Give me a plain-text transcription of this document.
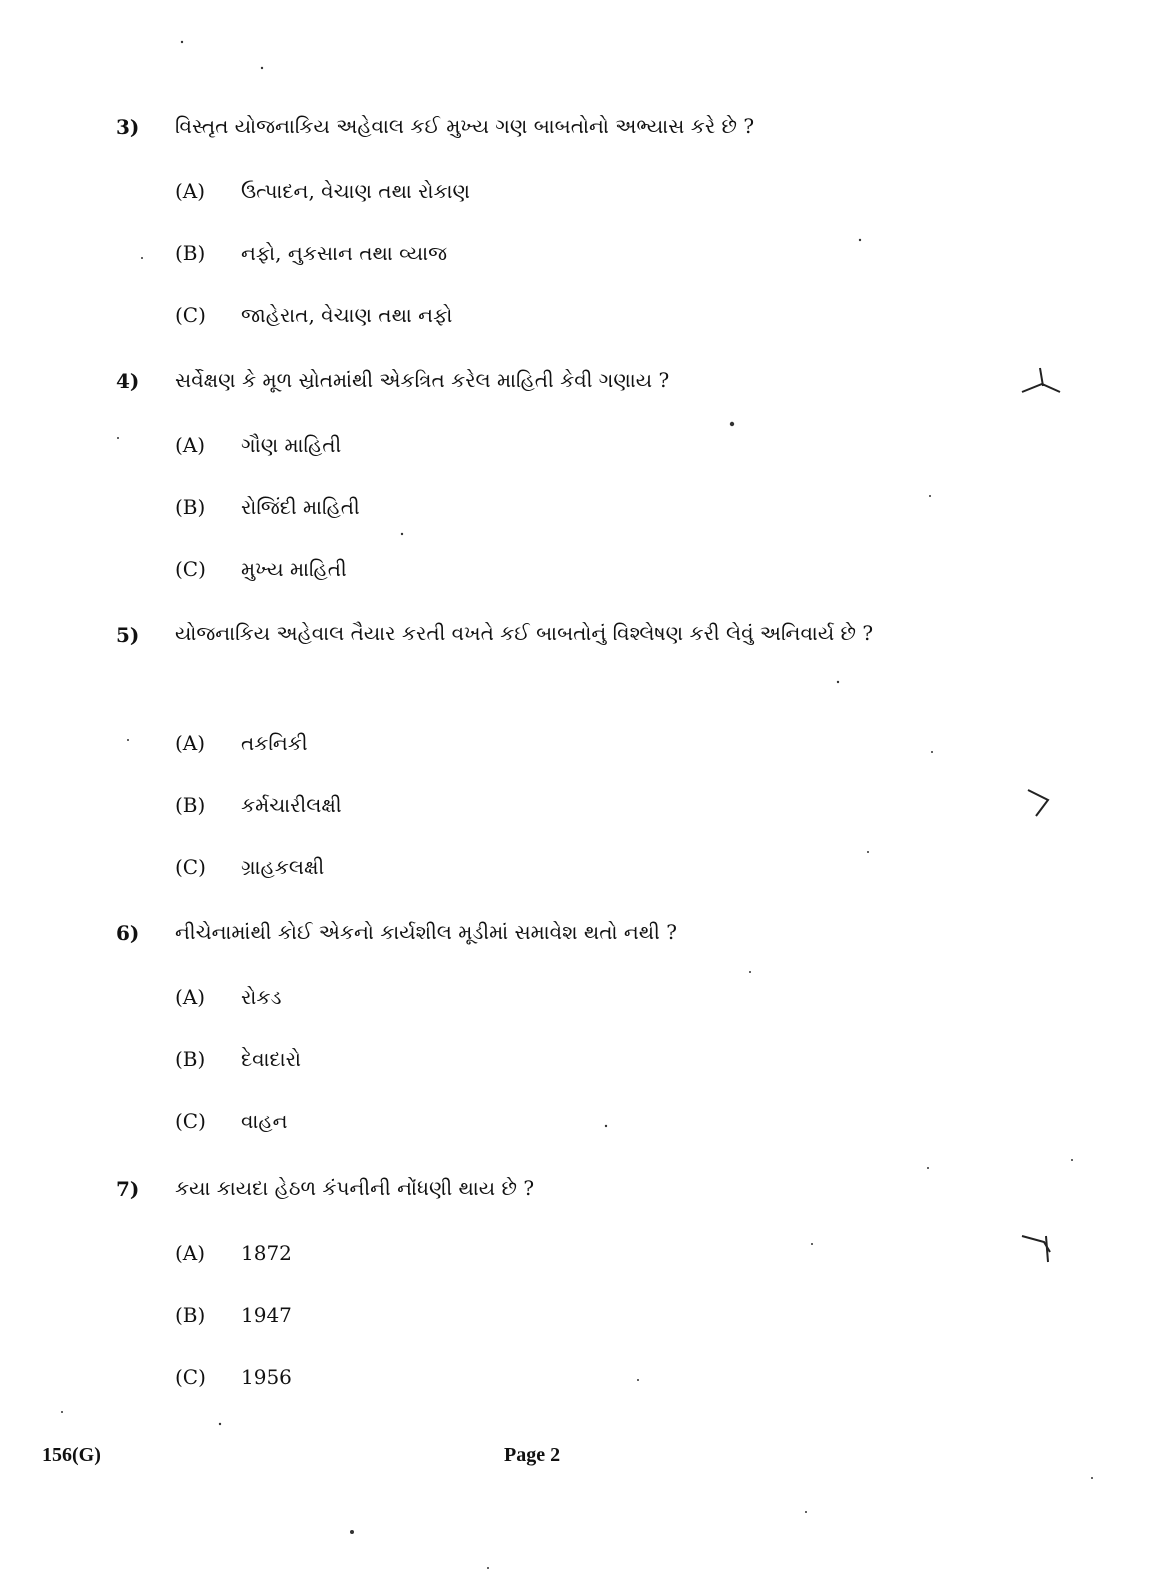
3)	વિસ્તૃત યોજનાકિય અહેવાલ કઈ મુખ્ય ગણ બાબતોનો અભ્યાસ કરે છે ?
(A) ઉત્પાદન, વેચાણ તથા રોકાણ
(B) નફો, નુકસાન તથા વ્યાજ
(C) જાહેરાત, વેચાણ તથા નફો
4)	સર્વેક્ષણ કે મૂળ સ્રોતમાંથી એકત્રિત કરેલ માહિતી કેવી ગણાય ?
(A) ગૌણ માહિતી
(B) રોજિંદી માહિતી
(C) મુખ્ય માહિતી
5)	યોજનાકિય અહેવાલ તૈયાર કરતી વખતે કઈ બાબતોનું વિશ્લેષણ કરી લેવું અનિવાર્ય છે ?
(A) તકનિકી
(B) કર્મચારીલક્ષી
(C) ગ્રાહકલક્ષી
6)	નીચેનામાંથી કોઈ એકનો કાર્યશીલ મૂડીમાં સમાવેશ થતો નથી ?
(A) રોકડ
(B) દેવાદારો
(C) વાહન
7)	કયા કાયદા હેઠળ કંપનીની નોંધણી થાય છે ?
(A) 1872
(B) 1947
(C) 1956
156(G)	Page 2
